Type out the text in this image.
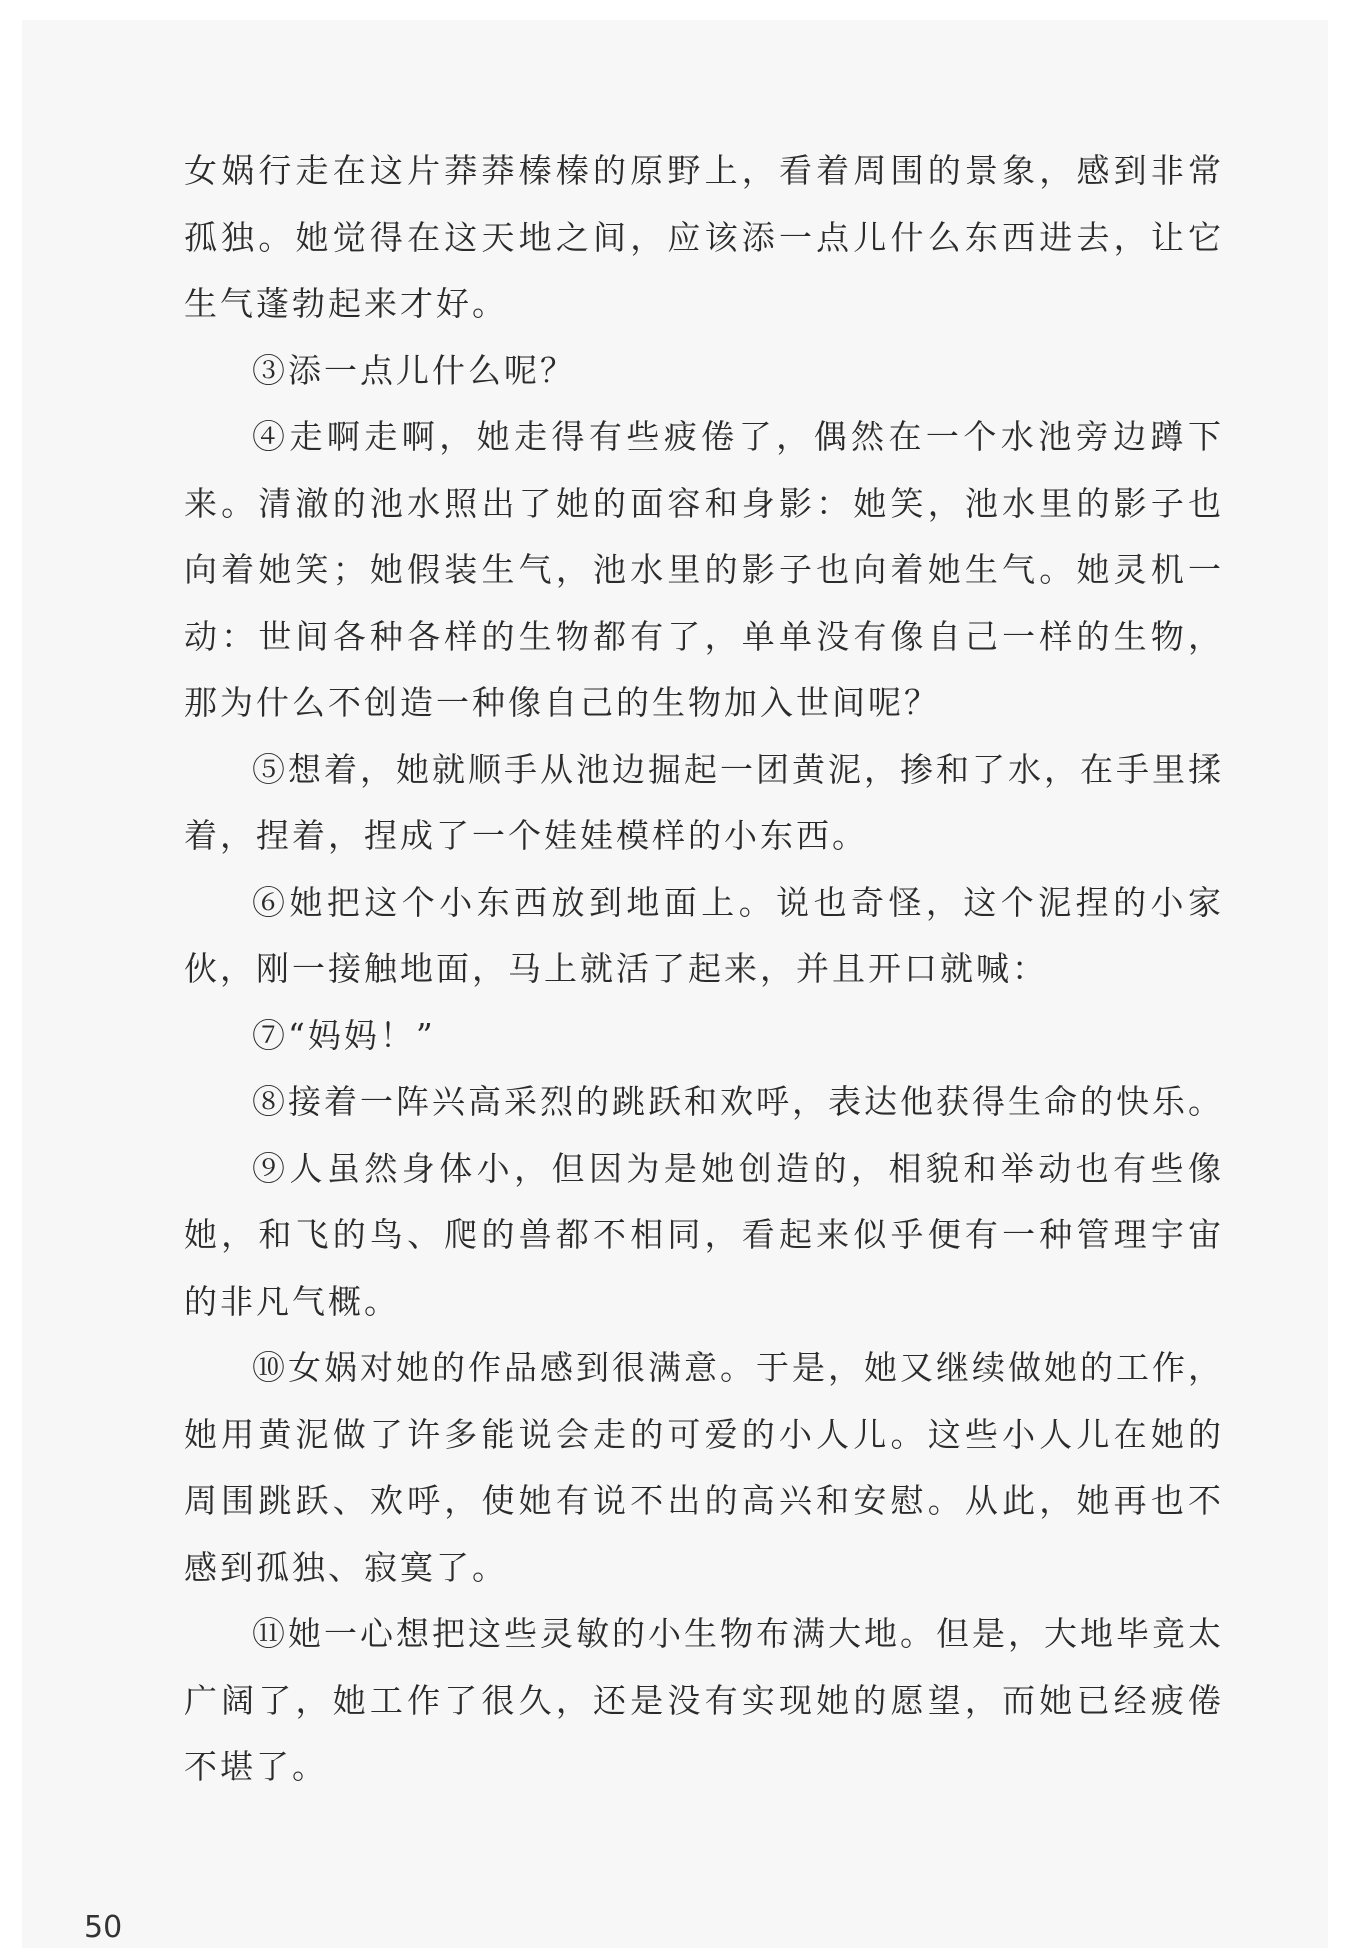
女娲行走在这片莽莽榛榛的原野上，看着周围的景象，感到非常孤独。她觉得在这天地之间，应该添一点儿什么东西进去，让它生气蓬勃起来才好。

③添一点儿什么呢？

④走啊走啊，她走得有些疲倦了，偶然在一个水池旁边蹲下来。清澈的池水照出了她的面容和身影：她笑，池水里的影子也向着她笑；她假装生气，池水里的影子也向着她生气。她灵机一动：世间各种各样的生物都有了，单单没有像自己一样的生物，那为什么不创造一种像自己的生物加入世间呢？

⑤想着，她就顺手从池边掘起一团黄泥，掺和了水，在手里揉着，捏着，捏成了一个娃娃模样的小东西。

⑥她把这个小东西放到地面上。说也奇怪，这个泥捏的小家伙，刚一接触地面，马上就活了起来，并且开口就喊：

⑦“妈妈！”

⑧接着一阵兴高采烈的跳跃和欢呼，表达他获得生命的快乐。

⑨人虽然身体小，但因为是她创造的，相貌和举动也有些像她，和飞的鸟、爬的兽都不相同，看起来似乎便有一种管理宇宙的非凡气概。

⑩女娲对她的作品感到很满意。于是，她又继续做她的工作，她用黄泥做了许多能说会走的可爱的小人儿。这些小人儿在她的周围跳跃、欢呼，使她有说不出的高兴和安慰。从此，她再也不感到孤独、寂寞了。

⑪她一心想把这些灵敏的小生物布满大地。但是，大地毕竟太广阔了，她工作了很久，还是没有实现她的愿望，而她已经疲倦不堪了。

50
